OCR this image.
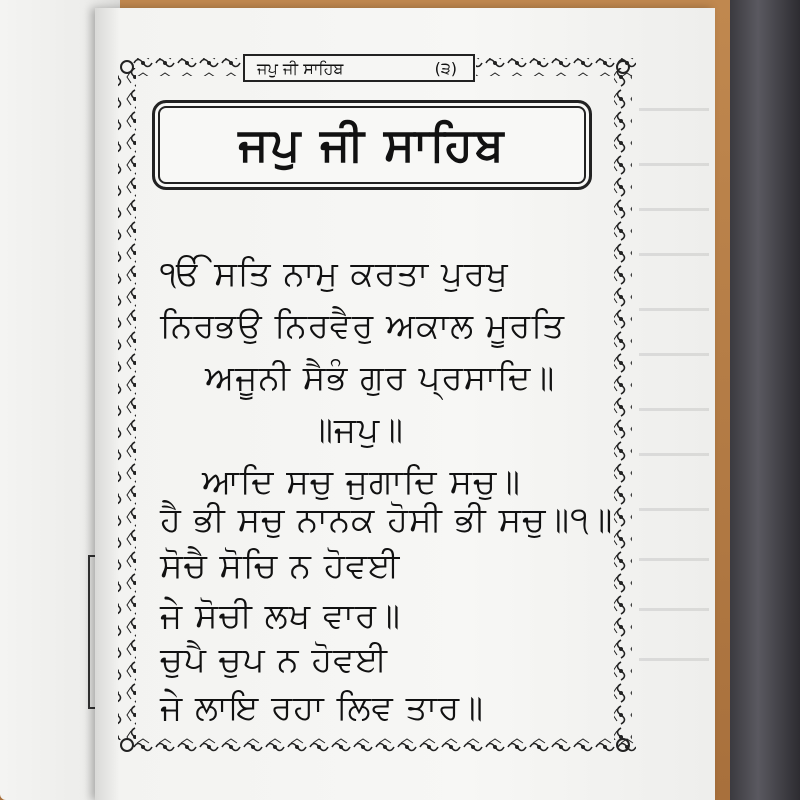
ਜਪੁ ਜੀ ਸਾਹਿਬ	(੩)
ਜਪੁ ਜੀ ਸਾਹਿਬ
ੴ ਸਤਿ ਨਾਮੁ ਕਰਤਾ ਪੁਰਖੁ
ਨਿਰਭਉ ਨਿਰਵੈਰੁ ਅਕਾਲ ਮੂਰਤਿ
ਅਜੂਨੀ ਸੈਭੰ ਗੁਰ ਪ੍ਰਸਾਦਿ॥
॥ਜਪੁ॥
ਆਦਿ ਸਚੁ ਜੁਗਾਦਿ ਸਚੁ॥
ਹੈ ਭੀ ਸਚੁ ਨਾਨਕ ਹੋਸੀ ਭੀ ਸਚੁ॥੧॥
ਸੋਚੈ ਸੋਚਿ ਨ ਹੋਵਈ
ਜੇ ਸੋਚੀ ਲਖ ਵਾਰ॥
ਚੁਪੈ ਚੁਪ ਨ ਹੋਵਈ
ਜੇ ਲਾਇ ਰਹਾ ਲਿਵ ਤਾਰ॥
